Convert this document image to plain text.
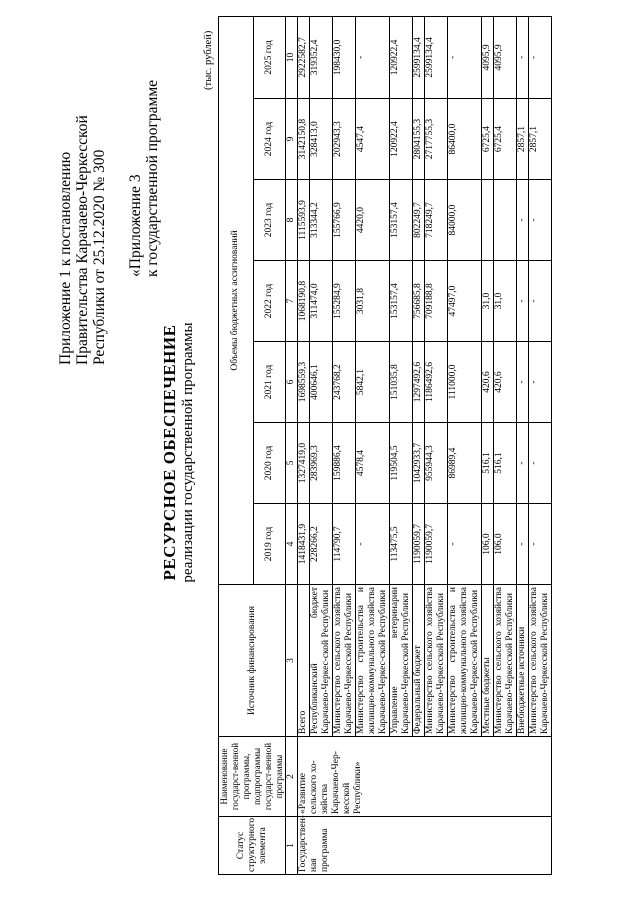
Приложение 1 к постановлению Правительства Карачаево-Черкесской Республики от 25.12.2020 № 300 «Приложение 3 к государственной программе
РЕСУРСНОЕ ОБЕСПЕЧЕНИЕ реализации государственной программы
(тыс. рублей)
Статус структурного элемента	Наименование государст-венной программы, подпрограммы государст-венной программы	Источник финансирования	Объемы бюджетных ассигнований						
			2019 год	2020 год	2021 год	2022 год	2023 год	2024 год	2025 год
1	2	3	4	5	6	7	8	9	10
Государствен-ная программа	«Развитие сельского хо-зяйства Карачаево-Чер-кесской Республики»	Всего	1418431,9	1327419,0	1698559,3	1068190,8	1115593,9	3142150,8	2922582,7
		Республиканский бюджет Карачаево-Черкес-ской Республики	228266,2	283969,3	400646,1	311474,0	313344,2	328413,0	319352,4
		Министерство сельского хозяйства Карачаево-Черкесской Республики	114790,7	159886,4	243768,2	155284,9	155766,9	202943,3	198430,0
		Министерство строительства и жилищно-коммунального хозяйства Карачаево-Черкес-ской Республики	-	4578,4	5842,1	3031,8	4420,0	4547,4	-
		Управление ветеринарии Карачаево-Черкесской Республики	113475,5	119504,5	151035,8	153157,4	153157,4	120922,4	120922,4
		Федеральный бюджет	1190059,7	1042933,7	1297492,6	756685,8	802249,7	2804155,3	2599134,4
		Министерство сельского хозяйства Карачаево-Черкесской Республики	1190059,7	955944,3	1186492,6	709188,8	718249,7	2717755,3	2599134,4
		Министерство строительства и жилищно-коммунального хозяйства Карачаево-Черкес-ской Республики	-	86989,4	111000,0	47497,0	84000,0	86400,0	-
		Местные бюджеты	106,0	516,1	420,6	31,0		6725,4	4095,9
		Министерство сельского хозяйства Карачаево-Черкесской Республики	106,0	516,1	420,6	31,0		6725,4	4095,9
		Внебюджетные источники	-	-	-	-	-	2857,1	-
		Министерство сельского хозяйства Карачаево-Черкесской Республики	-	-	-	-	-	2857,1	-
